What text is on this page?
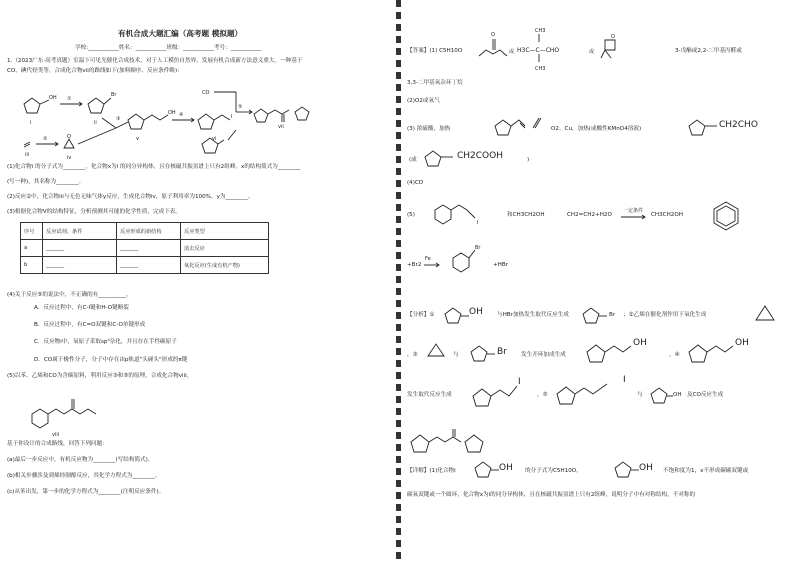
有机合成大题汇编（高考题 模拟题）
学校:___________姓名：___________班级：___________考号：___________
1.（2023广东·高考真题）室温下可见光催化合成技术，对于人工模仿自然界、发展有机合成新方法意义重大。一种基于
CO，碘代烃类等，合成化合物vii的路线如下(加料顺序、反应条件略)：
OH
i
①
Br
ii
iii
②	O
iv
③
OH
v
④	I
vi
CO
⑤
vii
(1)化合物i 的分子式为________。化合物x为i 的同分异构体，且在核磁共振氢谱上只有2组峰。x的结构简式为________
(写一种)，其名称为________。
(2)反应②中，化合物iii与无色无味气体y反应，生成化合物iv，原子利用率为100%。y为________。
(3)根据化合物V的结构特征，分析预测其可能的化学性质，完成下表。
序号	反应试剂、条件	反应形成的新结构	反应类型
a	_______	_______	消去反应
b	_______	_______	氧化反应(生成有机产物)
(4)关于反应⑤的说法中，不正确的有__________。
A．反应过程中，有C-I键和H-O键断裂
B．反应过程中，有C=O双键和C-O单键形成
C．反应物i中，氧原子采取sp³杂化，并且存在手性碳原子
D．CO属于极性分子，分子中存在由p轨道"头碰头"形成的π键
(5)以苯、乙烯和CO为含碳原料，利用反应③和⑤的原理，合成化合物viii。
viii
基于你设计的合成路线，回答下列问题：
(a)最后一步反应中，有机反应物为________(写结构简式)。
(b)相关步骤涉及到烯烃制醇反应，其化学方程式为________。
(c)从苯出发，第一步的化学方程式为________(注明反应条件)。
【答案】(1) C5H10O
O
或
CH3
H3C—C—CHO
CH3
或
O
3-戊酮或2,2-二甲基丙醛或
3,3-二甲基氧杂环丁烷
(2)O2或氧气
(3) 浓硫酸，加热	O2、Cu，加热(或酸性KMnO4溶液)	CH2CHO
(或	CH2COOH	)
(4)CD
(5)
I
和CH3CH2OH	CH2=CH2+H2O
一定条件
CH3CH2OH
+Br2
Fe
Br
+HBr
【分析】①	OH	与HBr加热发生取代反应生成	Br ；②乙烯在催化剂作用下氧化生成
，③	与	Br	发生开环加成生成
OH
，④
OH
发生取代反应生成
I
，⑤
I
与	OH 及CO反应生成
【详解】(1)化合物i	OH 的分子式为C5H10O，	OH 不饱和度为1，x不形成碳碳双键或
碳氧双键或一个圆环，化合物x为i的同分异构体，且在核磁共振氢谱上只有2组峰，说明分子中有对称结构，不对称的
